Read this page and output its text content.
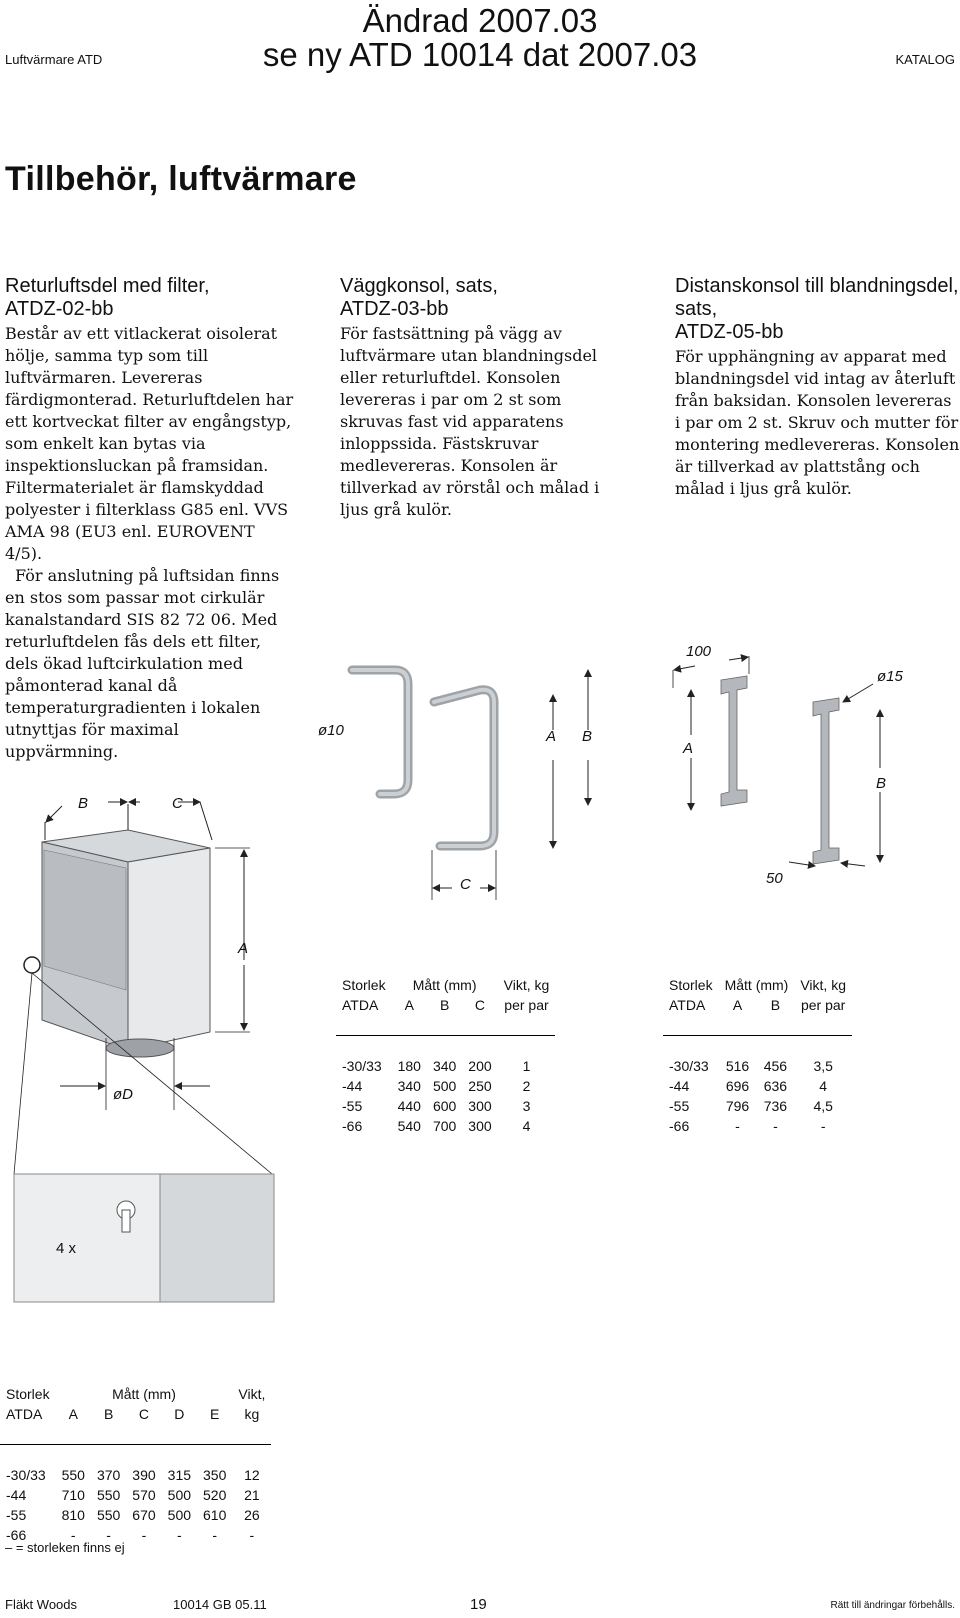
Luftvärmare ATD
Ändrad 2007.03
se ny ATD 10014 dat 2007.03	KATALOG
Tillbehör, luftvärmare
Returluftsdel med filter,
ATDZ-02-bb

Består av ett vitlackerat oisolerat hölje, samma typ som till luftvärmaren. Levereras färdigmonterad. Returluftdelen har ett kortveckat filter av engångstyp, som enkelt kan bytas via inspektionsluckan på framsidan. Filtermaterialet är flamskyddad polyester i filterklass G85 enl. VVS AMA 98 (EU3 enl. EUROVENT 4/5).

För anslutning på luftsidan finns en stos som passar mot cirkulär kanalstandard SIS 82 72 06. Med returluftdelen fås dels ett filter, dels ökad luftcirkulation med påmonterad kanal då temperaturgradienten i lokalen utnyttjas för maximal uppvärmning.

Väggkonsol, sats,
ATDZ-03-bb

För fastsättning på vägg av luftvärmare utan blandningsdel eller returluftdel. Konsolen levereras i par om 2 st som skruvas fast vid apparatens inloppssida. Fästskruvar medlevereras. Konsolen är tillverkad av rörstål och målad i ljus grå kulör.

Distanskonsol till blandningsdel, sats,
ATDZ-05-bb

För upphängning av apparat med blandningsdel vid intag av återluft från baksidan. Konsolen levereras i par om 2 st. Skruv och mutter för montering medlevereras. Konsolen är tillverkad av plattstång och målad i ljus grå kulör.

B	C
A
øD
4 x
ø10	A B
C
100
ø15
A
B
50
Storlek	Mått (mm)			Vikt, kg
ATDA	A	B	C	per par

-30/33	180	340	200	1
-44	340	500	250	2
-55	440	600	300	3
-66	540	700	300	4
Storlek	Mått (mm)		Vikt, kg
ATDA	A	B	per par

-30/33	516	456	3,5
-44	696	636	4
-55	796	736	4,5
-66	-	-	-
Storlek	Mått (mm)					Vikt,
ATDA	A	B	C	D	E	kg

-30/33	550	370	390	315	350	12
-44	710	550	570	500	520	21
-55	810	550	670	500	610	26
-66	-	-	-	-	-	-
– = storleken finns ej
Fläkt Woods	10014 GB 05.11	19	Rätt till ändringar förbehålls.
